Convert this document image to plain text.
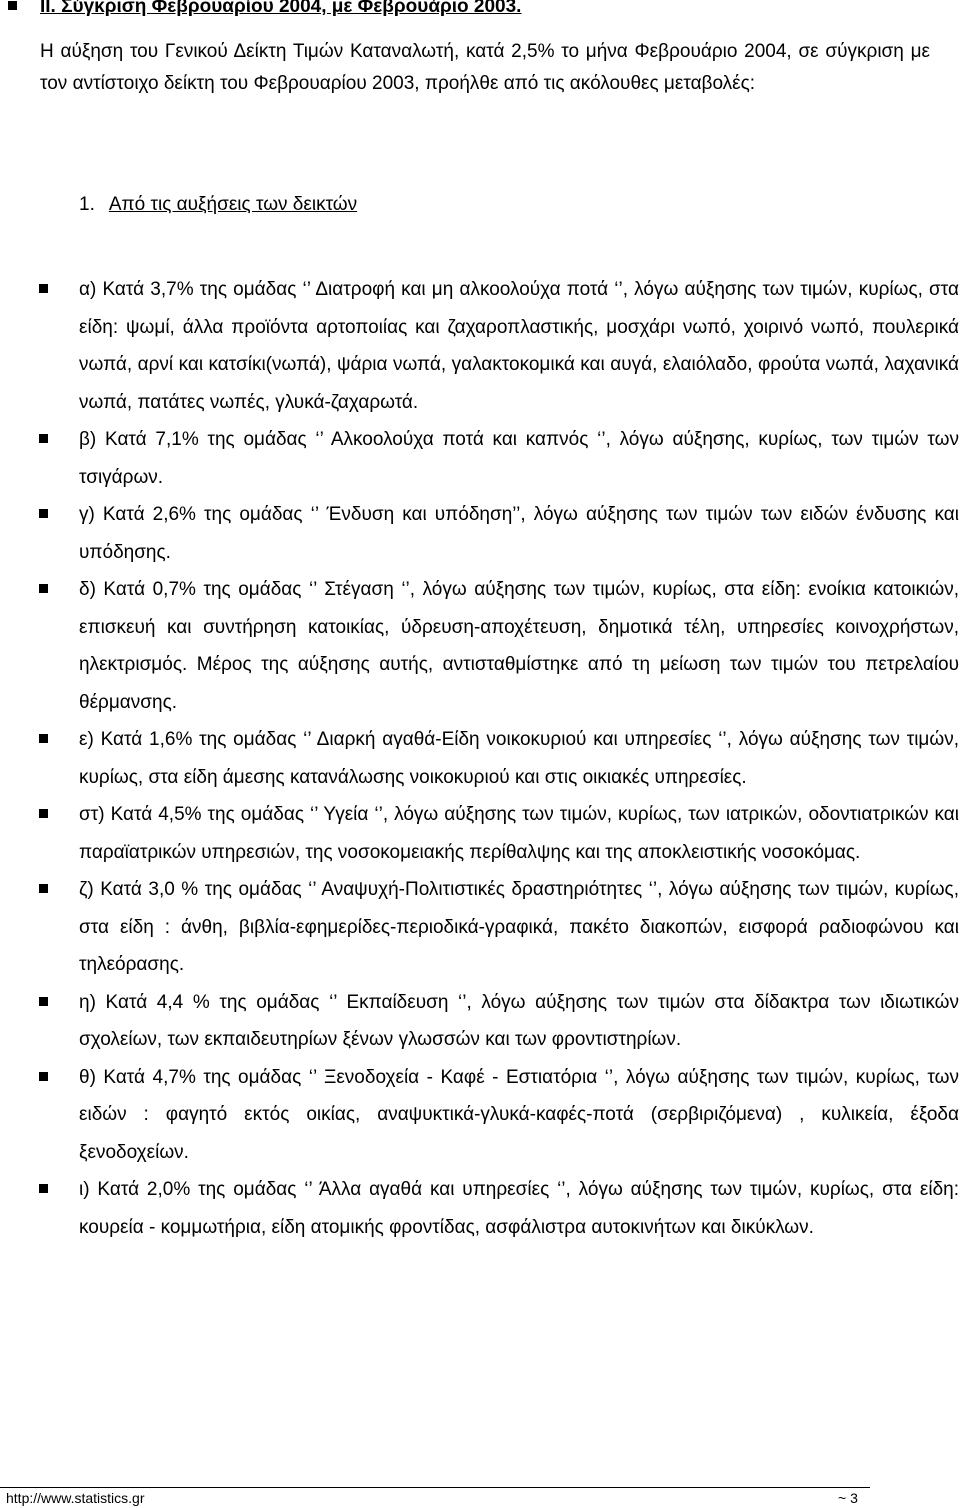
ΙΙ. Σύγκριση Φεβρουαρίου 2004, με Φεβρουάριο 2003.

Η αύξηση του Γενικού Δείκτη Τιμών Καταναλωτή, κατά 2,5% το μήνα Φεβρουάριο 2004, σε σύγκριση με τον αντίστοιχο δείκτη του Φεβρουαρίου 2003, προήλθε από τις ακόλουθες μεταβολές:

1. Από τις αυξήσεις των δεικτών
α) Κατά 3,7% της ομάδας ‘’ Διατροφή και μη αλκοολούχα ποτά ‘’, λόγω αύξησης των τιμών, κυρίως, στα είδη: ψωμί, άλλα προϊόντα αρτοποιίας και ζαχαροπλαστικής, μοσχάρι νωπό, χοιρινό νωπό, πουλερικά νωπά, αρνί και κατσίκι(νωπά), ψάρια νωπά, γαλακτοκομικά και αυγά, ελαιόλαδο, φρούτα νωπά, λαχανικά νωπά, πατάτες νωπές, γλυκά-ζαχαρωτά.
β) Κατά 7,1% της ομάδας ‘’ Αλκοολούχα ποτά και καπνός ‘’, λόγω αύξησης, κυρίως, των τιμών των τσιγάρων.
γ) Κατά 2,6% της ομάδας ‘’ Ένδυση και υπόδηση’’, λόγω αύξησης των τιμών των ειδών ένδυσης και υπόδησης.
δ) Κατά 0,7% της ομάδας ‘’ Στέγαση ‘’, λόγω αύξησης των τιμών, κυρίως, στα είδη: ενοίκια κατοικιών, επισκευή και συντήρηση κατοικίας, ύδρευση-αποχέτευση, δημοτικά τέλη, υπηρεσίες κοινοχρήστων, ηλεκτρισμός. Μέρος της αύξησης αυτής, αντισταθμίστηκε από τη μείωση των τιμών του πετρελαίου θέρμανσης.
ε) Κατά 1,6% της ομάδας ‘’ Διαρκή αγαθά-Είδη νοικοκυριού και υπηρεσίες ‘’, λόγω αύξησης των τιμών, κυρίως, στα είδη άμεσης κατανάλωσης νοικοκυριού και στις οικιακές υπηρεσίες.
στ) Κατά 4,5% της ομάδας ‘’ Υγεία ‘’, λόγω αύξησης των τιμών, κυρίως, των ιατρικών, οδοντιατρικών και παραϊατρικών υπηρεσιών, της νοσοκομειακής περίθαλψης και της αποκλειστικής νοσοκόμας.
ζ) Κατά 3,0 % της ομάδας ‘’ Αναψυχή-Πολιτιστικές δραστηριότητες ‘’, λόγω αύξησης των τιμών, κυρίως, στα είδη : άνθη, βιβλία-εφημερίδες-περιοδικά-γραφικά, πακέτο διακοπών, εισφορά ραδιοφώνου και τηλεόρασης.
η) Κατά 4,4 % της ομάδας ‘’ Εκπαίδευση ‘’, λόγω αύξησης των τιμών στα δίδακτρα των ιδιωτικών σχολείων, των εκπαιδευτηρίων ξένων γλωσσών και των φροντιστηρίων.
θ) Κατά 4,7% της ομάδας ‘’ Ξενοδοχεία - Καφέ - Εστιατόρια ‘’, λόγω αύξησης των τιμών, κυρίως, των ειδών : φαγητό εκτός οικίας, αναψυκτικά-γλυκά-καφές-ποτά (σερβιριζόμενα) , κυλικεία, έξοδα ξενοδοχείων.
ι) Κατά 2,0% της ομάδας ‘’ Άλλα αγαθά και υπηρεσίες ‘’, λόγω αύξησης των τιμών, κυρίως, στα είδη: κουρεία - κομμωτήρια, είδη ατομικής φροντίδας, ασφάλιστρα αυτοκινήτων και δικύκλων.
http://www.statistics.gr	~ 3
